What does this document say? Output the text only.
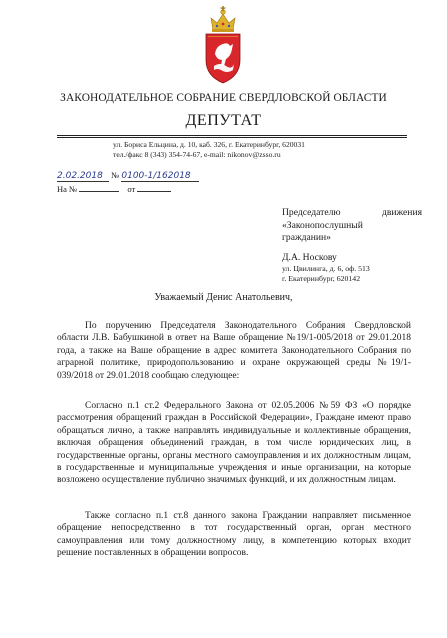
ЗАКОНОДАТЕЛЬНОЕ СОБРАНИЕ СВЕРДЛОВСКОЙ ОБЛАСТИ
ДЕПУТАТ
ул. Бориса Ельцина, д. 10, каб. 326, г. Екатеринбург, 620031
тел./факс 8 (343) 354-74-67, e-mail: nikonov@zsso.ru
2.02.2018 № 0100-1/162018
На №	от
Председателю движения
«Законопослушный
гражданин»
Д.А. Носкову
ул. Цвилинга, д. 6, оф. 513
г. Екатеринбург, 620142
Уважаемый Денис Анатольевич,

По поручению Председателя Законодательного Собрания Свердловской области Л.В. Бабушкиной в ответ на Ваше обращение №19/1-005/2018 от 29.01.2018 года, а также на Ваше обращение в адрес комитета Законодательного Собрания по аграрной политике, природопользованию и охране окружающей среды №19/1-039/2018 от 29.01.2018 сообщаю следующее:

Согласно п.1 ст.2 Федерального Закона от 02.05.2006 №59 ФЗ «О порядке рассмотрения обращений граждан в Российской Федерации», Граждане имеют право обращаться лично, а также направлять индивидуальные и коллективные обращения, включая обращения объединений граждан, в том числе юридических лиц, в государственные органы, органы местного самоуправления и их должностным лицам, в государственные и муниципальные учреждения и иные организации, на которые возложено осуществление публично значимых функций, и их должностным лицам.

Также согласно п.1 ст.8 данного закона Граждании направляет письменное обращение непосредственно в тот государственный орган, орган местного самоуправления или тому должностному лицу, в компетенцию которых входит решение поставленных в обращении вопросов.
